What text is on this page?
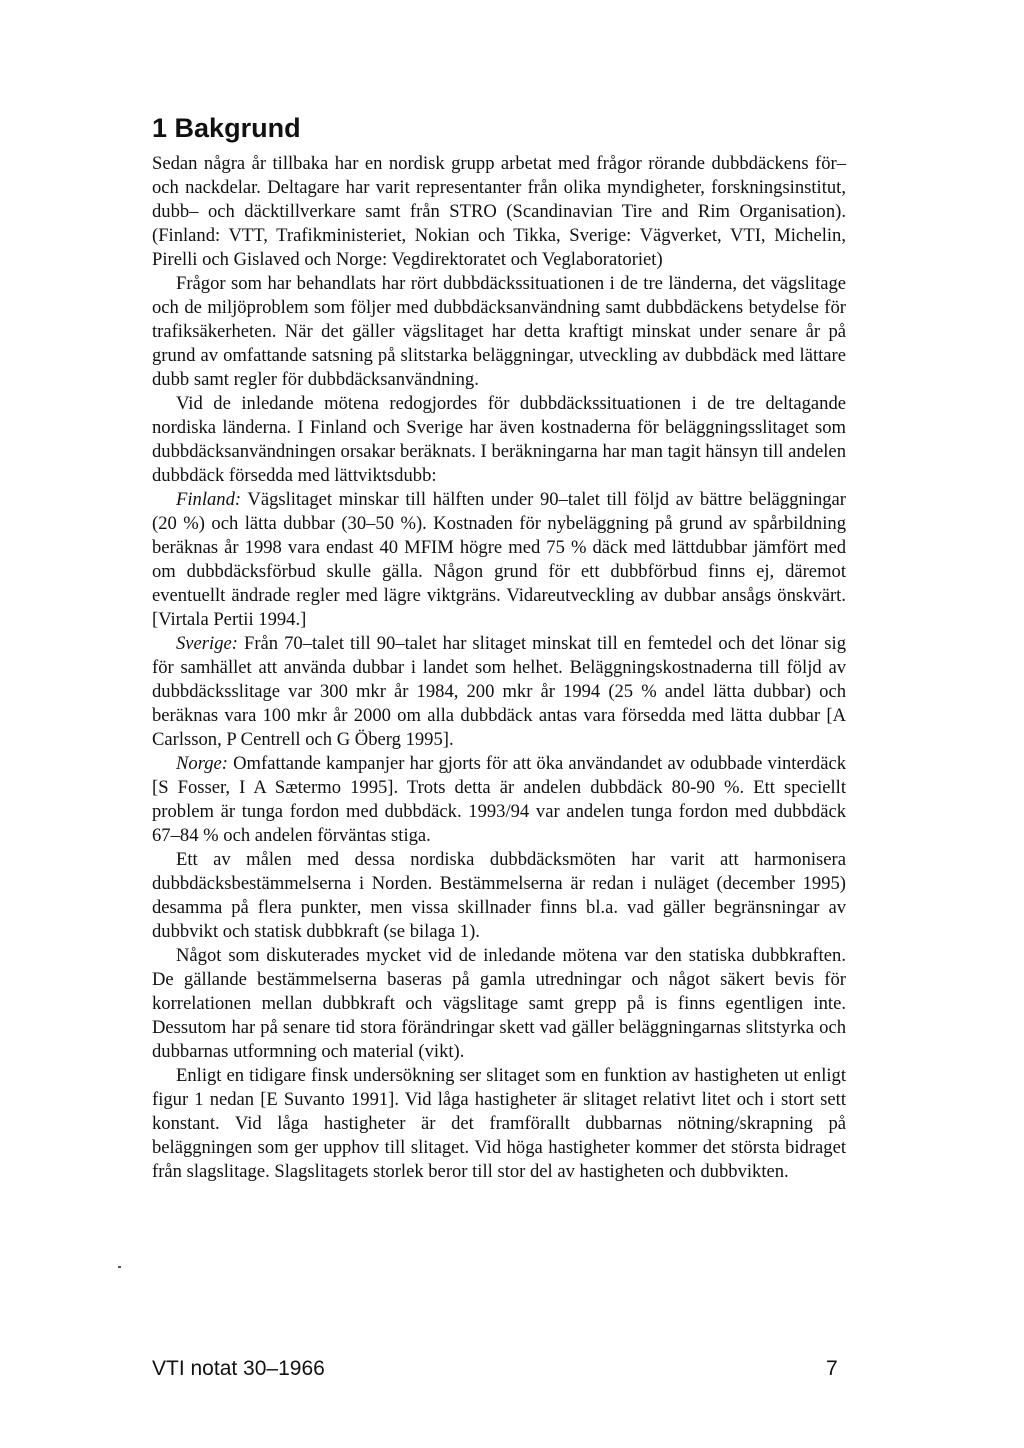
1 Bakgrund

Sedan några år tillbaka har en nordisk grupp arbetat med frågor rörande dubbdäckens för– och nackdelar. Deltagare har varit representanter från olika myndigheter, forskningsinstitut, dubb– och däcktillverkare samt från STRO (Scandinavian Tire and Rim Organisation). (Finland: VTT, Trafikministeriet, Nokian och Tikka, Sverige: Vägverket, VTI, Michelin, Pirelli och Gislaved och Norge: Vegdirektoratet och Veglaboratoriet)

Frågor som har behandlats har rört dubbdäckssituationen i de tre länderna, det vägslitage och de miljöproblem som följer med dubbdäcksanvändning samt dubbdäckens betydelse för trafiksäkerheten. När det gäller vägslitaget har detta kraftigt minskat under senare år på grund av omfattande satsning på slitstarka beläggningar, utveckling av dubbdäck med lättare dubb samt regler för dubbdäcksanvändning.

Vid de inledande mötena redogjordes för dubbdäckssituationen i de tre deltagande nordiska länderna. I Finland och Sverige har även kostnaderna för beläggningsslitaget som dubbdäcksanvändningen orsakar beräknats. I beräkningarna har man tagit hänsyn till andelen dubbdäck försedda med lättviktsdubb:

Finland: Vägslitaget minskar till hälften under 90–talet till följd av bättre beläggningar (20 %) och lätta dubbar (30–50 %). Kostnaden för nybeläggning på grund av spårbildning beräknas år 1998 vara endast 40 MFIM högre med 75 % däck med lättdubbar jämfört med om dubbdäcksförbud skulle gälla. Någon grund för ett dubbförbud finns ej, däremot eventuellt ändrade regler med lägre viktgräns. Vidareutveckling av dubbar ansågs önskvärt. [Virtala Pertii 1994.]

Sverige: Från 70–talet till 90–talet har slitaget minskat till en femtedel och det lönar sig för samhället att använda dubbar i landet som helhet. Beläggningskostnaderna till följd av dubbdäcksslitage var 300 mkr år 1984, 200 mkr år 1994 (25 % andel lätta dubbar) och beräknas vara 100 mkr år 2000 om alla dubbdäck antas vara försedda med lätta dubbar [A Carlsson, P Centrell och G Öberg 1995].

Norge: Omfattande kampanjer har gjorts för att öka användandet av odubbade vinterdäck [S Fosser, I A Sætermo 1995]. Trots detta är andelen dubbdäck 80-90 %. Ett speciellt problem är tunga fordon med dubbdäck. 1993/94 var andelen tunga fordon med dubbdäck 67–84 % och andelen förväntas stiga.

Ett av målen med dessa nordiska dubbdäcksmöten har varit att harmonisera dubbdäcksbestämmelserna i Norden. Bestämmelserna är redan i nuläget (december 1995) desamma på flera punkter, men vissa skillnader finns bl.a. vad gäller begränsningar av dubbvikt och statisk dubbkraft (se bilaga 1).

Något som diskuterades mycket vid de inledande mötena var den statiska dubbkraften. De gällande bestämmelserna baseras på gamla utredningar och något säkert bevis för korrelationen mellan dubbkraft och vägslitage samt grepp på is finns egentligen inte. Dessutom har på senare tid stora förändringar skett vad gäller beläggningarnas slitstyrka och dubbarnas utformning och material (vikt).

Enligt en tidigare finsk undersökning ser slitaget som en funktion av hastigheten ut enligt figur 1 nedan [E Suvanto 1991]. Vid låga hastigheter är slitaget relativt litet och i stort sett konstant. Vid låga hastigheter är det framförallt dubbarnas nötning/skrapning på beläggningen som ger upphov till slitaget. Vid höga hastigheter kommer det största bidraget från slagslitage. Slagslitagets storlek beror till stor del av hastigheten och dubbvikten.

VTI notat 30–1966	7
